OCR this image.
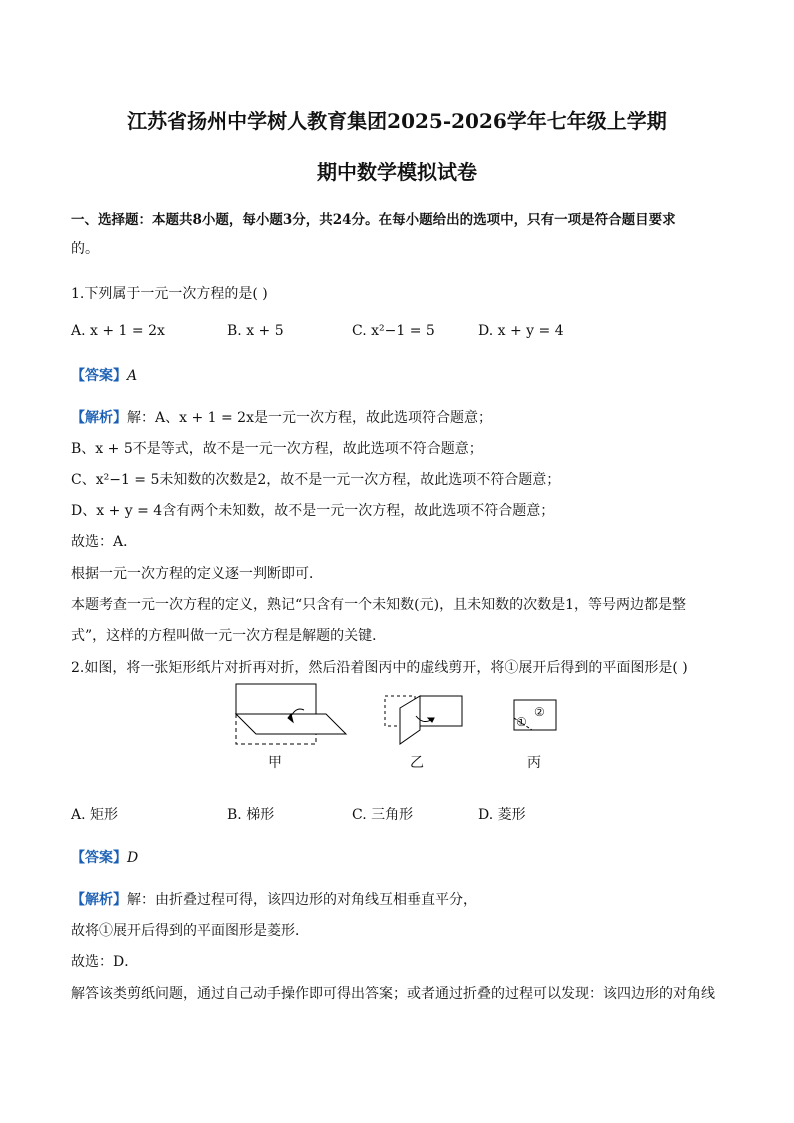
江苏省扬州中学树人教育集团2025-2026学年七年级上学期
期中数学模拟试卷
一、选择题：本题共8小题，每小题3分，共24分。在每小题给出的选项中，只有一项是符合题目要求
的。
1.下列属于一元一次方程的是( )
A. x + 1 = 2x	B. x + 5	C. x²−1 = 5	D. x + y = 4
【答案】A
【解析】解：A、x + 1 = 2x是一元一次方程，故此选项符合题意；
B、x + 5不是等式，故不是一元一次方程，故此选项不符合题意；
C、x²−1 = 5未知数的次数是2，故不是一元一次方程，故此选项不符合题意；
D、x + y = 4含有两个未知数，故不是一元一次方程，故此选项不符合题意；
故选：A．
根据一元一次方程的定义逐一判断即可．
本题考查一元一次方程的定义，熟记“只含有一个未知数(元)，且未知数的次数是1，等号两边都是整
式”，这样的方程叫做一元一次方程是解题的关键．
2.如图，将一张矩形纸片对折再对折，然后沿着图丙中的虚线剪开，将①展开后得到的平面图形是( )
①
②
甲	乙	丙
A. 矩形	B. 梯形	C. 三角形	D. 菱形
【答案】D
【解析】解：由折叠过程可得，该四边形的对角线互相垂直平分，
故将①展开后得到的平面图形是菱形．
故选：D．
解答该类剪纸问题，通过自己动手操作即可得出答案；或者通过折叠的过程可以发现：该四边形的对角线
